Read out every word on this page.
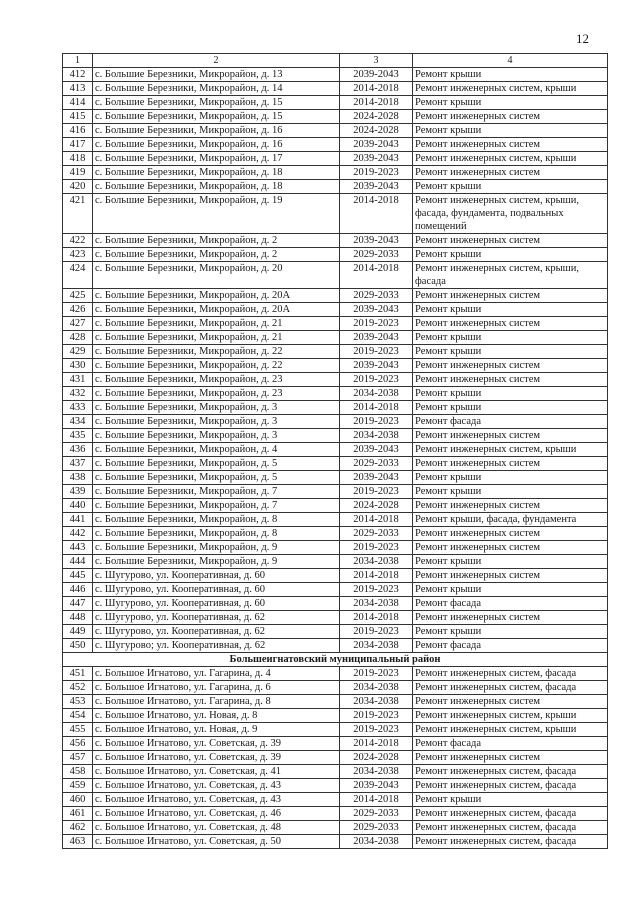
12
1	2	3	4
412	с. Большие Березники, Микрорайон, д. 13	2039-2043	Ремонт крыши
413	с. Большие Березники, Микрорайон, д. 14	2014-2018	Ремонт инженерных систем, крыши
414	с. Большие Березники, Микрорайон, д. 15	2014-2018	Ремонт крыши
415	с. Большие Березники, Микрорайон, д. 15	2024-2028	Ремонт инженерных систем
416	с. Большие Березники, Микрорайон, д. 16	2024-2028	Ремонт крыши
417	с. Большие Березники, Микрорайон, д. 16	2039-2043	Ремонт инженерных систем
418	с. Большие Березники, Микрорайон, д. 17	2039-2043	Ремонт инженерных систем, крыши
419	с. Большие Березники, Микрорайон, д. 18	2019-2023	Ремонт инженерных систем
420	с. Большие Березники, Микрорайон, д. 18	2039-2043	Ремонт крыши
421	с. Большие Березники, Микрорайон, д. 19	2014-2018	Ремонт инженерных систем, крыши, фасада, фундамента, подвальных помещений
422	с. Большие Березники, Микрорайон, д. 2	2039-2043	Ремонт инженерных систем
423	с. Большие Березники, Микрорайон, д. 2	2029-2033	Ремонт крыши
424	с. Большие Березники, Микрорайон, д. 20	2014-2018	Ремонт инженерных систем, крыши, фасада
425	с. Большие Березники, Микрорайон, д. 20А	2029-2033	Ремонт инженерных систем
426	с. Большие Березники, Микрорайон, д. 20А	2039-2043	Ремонт крыши
427	с. Большие Березники, Микрорайон, д. 21	2019-2023	Ремонт инженерных систем
428	с. Большие Березники, Микрорайон, д. 21	2039-2043	Ремонт крыши
429	с. Большие Березники, Микрорайон, д. 22	2019-2023	Ремонт крыши
430	с. Большие Березники, Микрорайон, д. 22	2039-2043	Ремонт инженерных систем
431	с. Большие Березники, Микрорайон, д. 23	2019-2023	Ремонт инженерных систем
432	с. Большие Березники, Микрорайон, д. 23	2034-2038	Ремонт крыши
433	с. Большие Березники, Микрорайон, д. 3	2014-2018	Ремонт крыши
434	с. Большие Березники, Микрорайон, д. 3	2019-2023	Ремонт фасада
435	с. Большие Березники, Микрорайон, д. 3	2034-2038	Ремонт инженерных систем
436	с. Большие Березники, Микрорайон, д. 4	2039-2043	Ремонт инженерных систем, крыши
437	с. Большие Березники, Микрорайон, д. 5	2029-2033	Ремонт инженерных систем
438	с. Большие Березники, Микрорайон, д. 5	2039-2043	Ремонт крыши
439	с. Большие Березники, Микрорайон, д. 7	2019-2023	Ремонт крыши
440	с. Большие Березники, Микрорайон, д. 7	2024-2028	Ремонт инженерных систем
441	с. Большие Березники, Микрорайон, д. 8	2014-2018	Ремонт крыши, фасада, фундамента
442	с. Большие Березники, Микрорайон, д. 8	2029-2033	Ремонт инженерных систем
443	с. Большие Березники, Микрорайон, д. 9	2019-2023	Ремонт инженерных систем
444	с. Большие Березники, Микрорайон, д. 9	2034-2038	Ремонт крыши
445	с. Шугурово, ул. Кооперативная, д. 60	2014-2018	Ремонт инженерных систем
446	с. Шугурово, ул. Кооперативная, д. 60	2019-2023	Ремонт крыши
447	с. Шугурово, ул. Кооперативная, д. 60	2034-2038	Ремонт фасада
448	с. Шугурово, ул. Кооперативная, д. 62	2014-2018	Ремонт инженерных систем
449	с. Шугурово, ул. Кооперативная, д. 62	2019-2023	Ремонт крыши
450	с. Шугурово; ул. Кооперативная, д. 62	2034-2038	Ремонт фасада
Большеигнатовский муниципальный район			
451	с. Большое Игнатово, ул. Гагарина, д. 4	2019-2023	Ремонт инженерных систем, фасада
452	с. Большое Игнатово, ул. Гагарина, д. 6	2034-2038	Ремонт инженерных систем, фасада
453	с. Большое Игнатово, ул. Гагарина, д. 8	2034-2038	Ремонт инженерных систем
454	с. Большое Игнатово, ул. Новая, д. 8	2019-2023	Ремонт инженерных систем, крыши
455	с. Большое Игнатово, ул. Новая, д. 9	2019-2023	Ремонт инженерных систем, крыши
456	с. Большое Игнатово, ул. Советская, д. 39	2014-2018	Ремонт фасада
457	с. Большое Игнатово, ул. Советская, д. 39	2024-2028	Ремонт инженерных систем
458	с. Большое Игнатово, ул. Советская, д. 41	2034-2038	Ремонт инженерных систем, фасада
459	с. Большое Игнатово, ул. Советская, д. 43	2039-2043	Ремонт инженерных систем, фасада
460	с. Большое Игнатово, ул. Советская, д. 43	2014-2018	Ремонт крыши
461	с. Большое Игнатово, ул. Советская, д. 46	2029-2033	Ремонт инженерных систем, фасада
462	с. Большое Игнатово, ул. Советская, д. 48	2029-2033	Ремонт инженерных систем, фасада
463	с. Большое Игнатово, ул. Советская, д. 50	2034-2038	Ремонт инженерных систем, фасада
